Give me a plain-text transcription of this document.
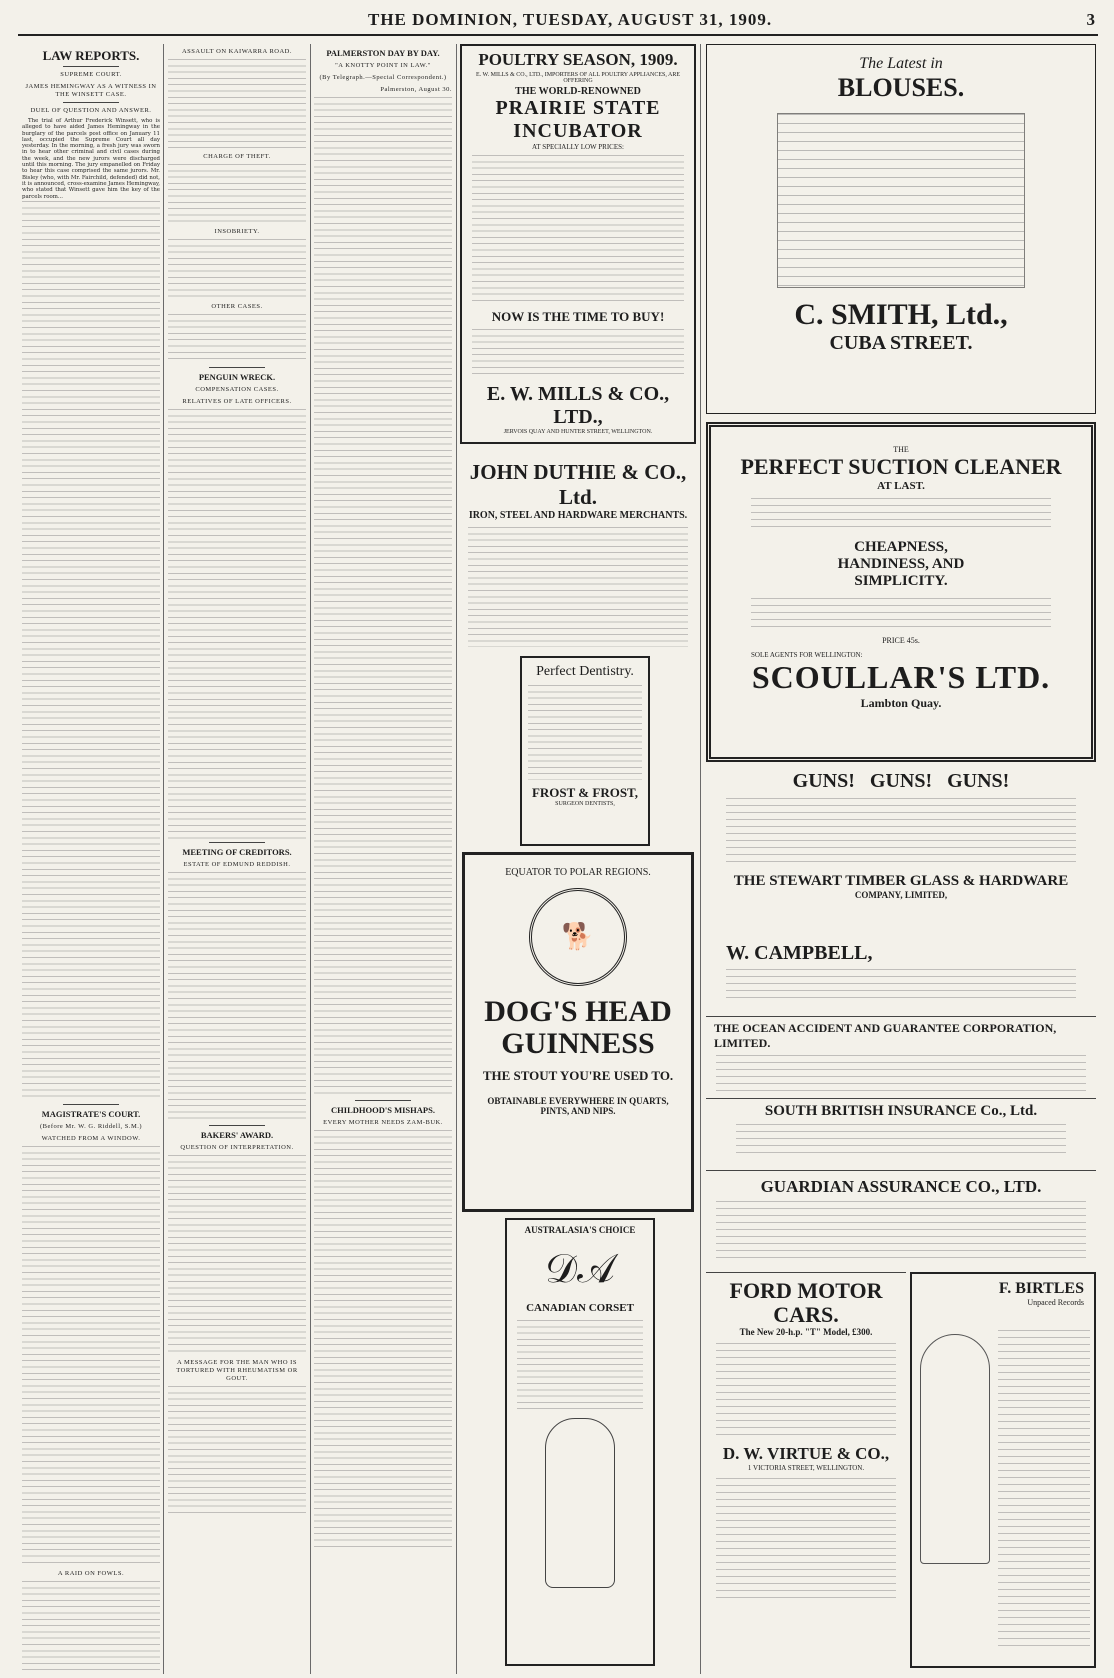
THE DOMINION, TUESDAY, AUGUST 31, 1909.	3
LAW REPORTS.
SUPREME COURT.
JAMES HEMINGWAY AS A WITNESS IN THE WINSETT CASE.
DUEL OF QUESTION AND ANSWER.

The trial of Arthur Frederick Winsett, who is alleged to have aided James Hemingway in the burglary of the parcels post office on January 11 last, occupied the Supreme Court all day yesterday. In the morning, a fresh jury was sworn in to hear other criminal and civil cases during the week, and the new jurors were discharged until this morning. The jury empanelled on Friday to hear this case comprised the same jurors. Mr. Bisley (who, with Mr. Fairchild, defended) did not, it is announced, cross-examine James Hemingway, who stated that Winsett gave him the key of the parcels room...

MAGISTRATE'S COURT.
(Before Mr. W. G. Riddell, S.M.)
WATCHED FROM A WINDOW.
A RAID ON FOWLS.
ASSAULT ON KAIWARRA ROAD.
CHARGE OF THEFT.
INSOBRIETY.
OTHER CASES.
PENGUIN WRECK.
COMPENSATION CASES.
RELATIVES OF LATE OFFICERS.
MEETING OF CREDITORS.
ESTATE OF EDMUND REDDISH.
BAKERS' AWARD.
QUESTION OF INTERPRETATION.
A MESSAGE FOR THE MAN WHO IS TORTURED WITH RHEUMATISM OR GOUT.
PALMERSTON DAY BY DAY.
"A KNOTTY POINT IN LAW."
(By Telegraph.—Special Correspondent.)
Palmerston, August 30.
CHILDHOOD'S MISHAPS.
EVERY MOTHER NEEDS ZAM-BUK.
POULTRY SEASON, 1909.
E. W. MILLS & CO., LTD., IMPORTERS OF ALL POULTRY APPLIANCES, ARE OFFERING
THE WORLD-RENOWNED
PRAIRIE STATE INCUBATOR
AT SPECIALLY LOW PRICES:
NOW IS THE TIME TO BUY!
E. W. MILLS & CO., LTD.,
JERVOIS QUAY AND HUNTER STREET, WELLINGTON.
JOHN DUTHIE & CO., Ltd.
IRON, STEEL AND HARDWARE MERCHANTS.
Perfect Dentistry.
FROST & FROST,
SURGEON DENTISTS,
EQUATOR TO POLAR REGIONS.
🐕
DOG'S HEAD GUINNESS
THE STOUT YOU'RE USED TO.
OBTAINABLE EVERYWHERE IN QUARTS, PINTS, AND NIPS.
AUSTRALASIA'S CHOICE
𝒟𝒜
CANADIAN CORSET
The Latest in
BLOUSES.
C. SMITH, Ltd.,
CUBA STREET.
THE
PERFECT SUCTION CLEANER
AT LAST.
CHEAPNESS, HANDINESS, AND SIMPLICITY.
PRICE 45s.
SOLE AGENTS FOR WELLINGTON:
SCOULLAR'S LTD.
Lambton Quay.
GUNS! GUNS! GUNS!
THE STEWART TIMBER GLASS & HARDWARE
COMPANY, LIMITED,
W. CAMPBELL,
THE OCEAN ACCIDENT AND GUARANTEE CORPORATION, LIMITED.
SOUTH BRITISH INSURANCE Co., Ltd.
GUARDIAN ASSURANCE CO., LTD.
FORD MOTOR CARS.
The New 20-h.p. "T" Model, £300.
D. W. VIRTUE & CO.,
1 VICTORIA STREET, WELLINGTON.
F. BIRTLES
Unpaced Records
